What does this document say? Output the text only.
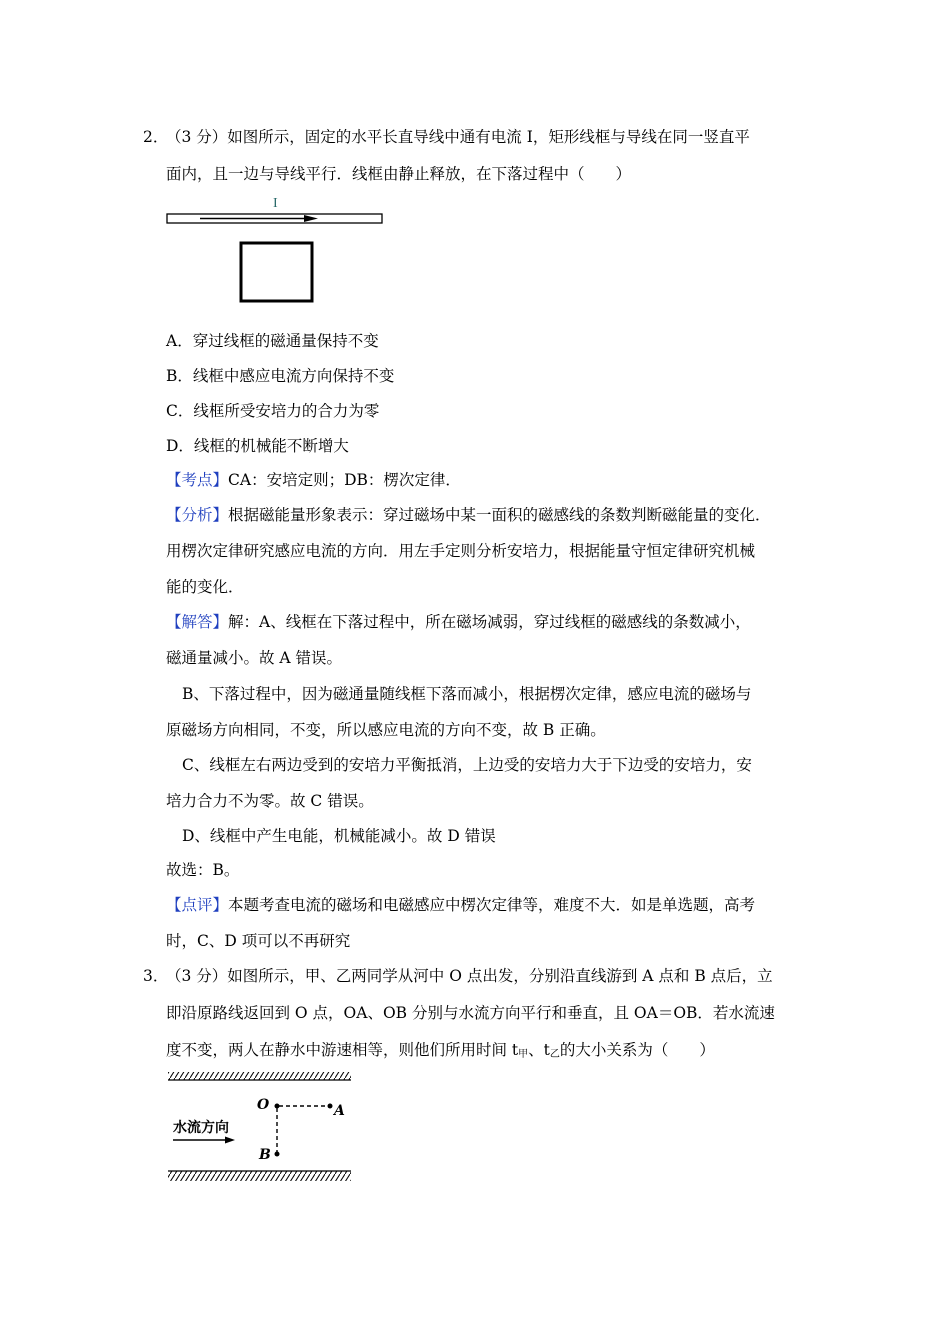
2．
（3 分）如图所示，固定的水平长直导线中通有电流 I，矩形线框与导线在同一竖直平
面内，且一边与导线平行．线框由静止释放，在下落过程中（　　）
I
A．穿过线框的磁通量保持不变
B．线框中感应电流方向保持不变
C．线框所受安培力的合力为零
D．线框的机械能不断增大
【考点】CA：安培定则；DB：楞次定律．
【分析】根据磁能量形象表示：穿过磁场中某一面积的磁感线的条数判断磁能量的变化．
用楞次定律研究感应电流的方向．用左手定则分析安培力，根据能量守恒定律研究机械
能的变化．
【解答】解：A、线框在下落过程中，所在磁场减弱，穿过线框的磁感线的条数减小，
磁通量减小。故 A 错误。
B、下落过程中，因为磁通量随线框下落而减小，根据楞次定律，感应电流的磁场与
原磁场方向相同，不变，所以感应电流的方向不变，故 B 正确。
C、线框左右两边受到的安培力平衡抵消，上边受的安培力大于下边受的安培力，安
培力合力不为零。故 C 错误。
D、线框中产生电能，机械能减小。故 D 错误
故选：B。
【点评】本题考查电流的磁场和电磁感应中楞次定律等，难度不大．如是单选题，高考
时，C、D 项可以不再研究
3．
（3 分）如图所示，甲、乙两同学从河中 O 点出发，分别沿直线游到 A 点和 B 点后，立
即沿原路线返回到 O 点，OA、OB 分别与水流方向平行和垂直，且 OA＝OB．若水流速
度不变，两人在静水中游速相等，则他们所用时间 $t_甲$、$t_乙$的大小关系为（　　）
O	A
B
水流方向
